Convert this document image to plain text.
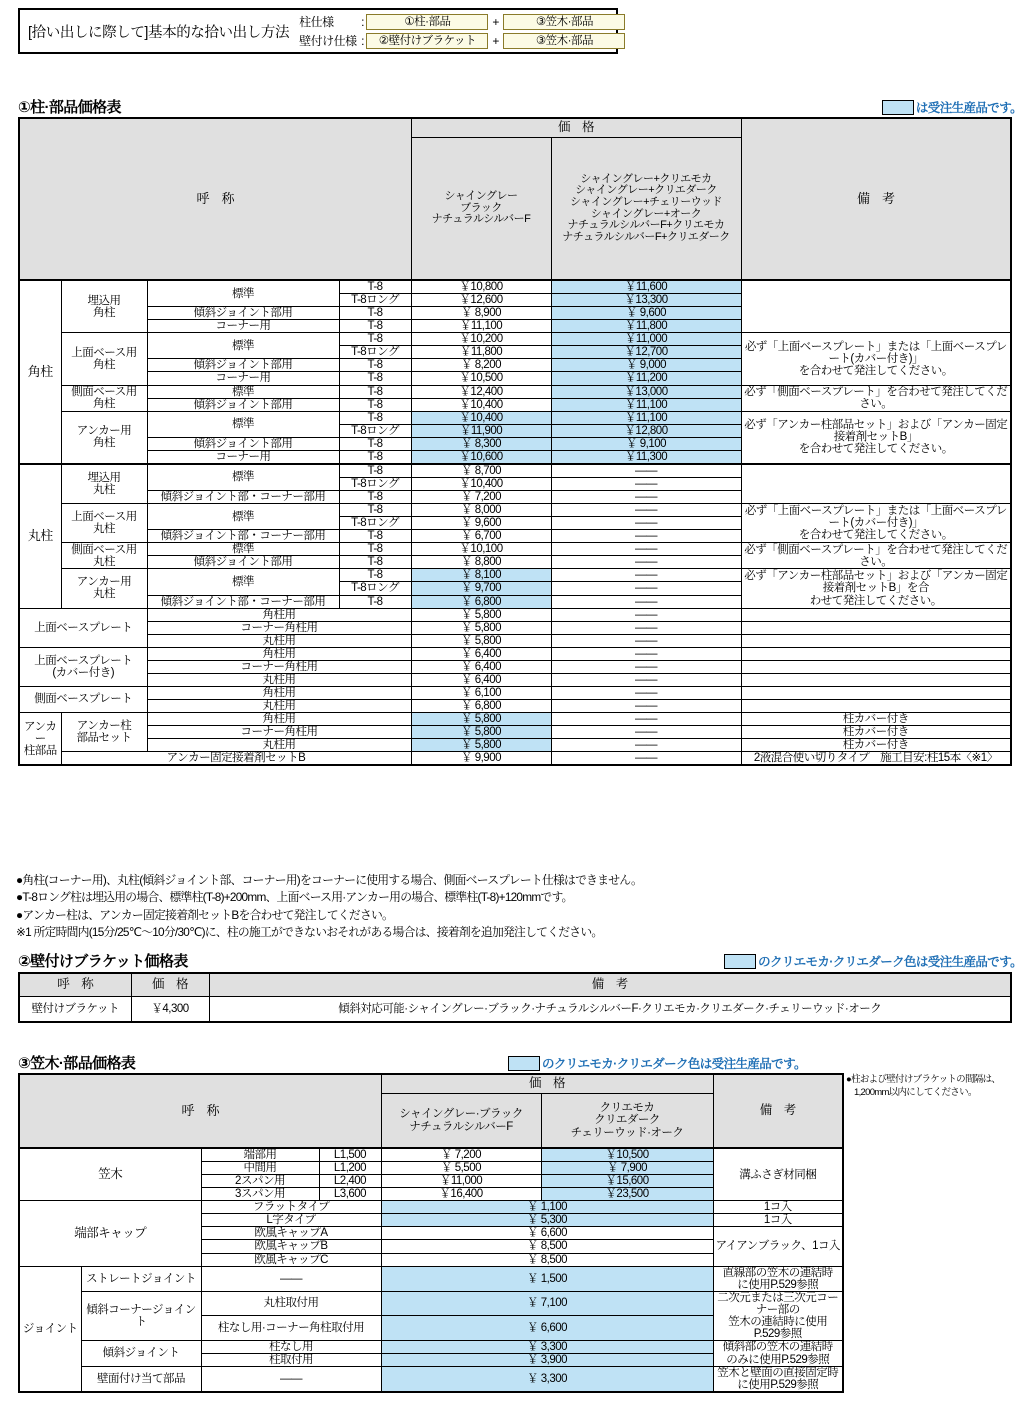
[拾い出しに際して]基本的な拾い出し方法
柱仕様	:	①柱·部品	+	③笠木·部品
壁付け仕様 :	②壁付けブラケット	+	③笠木·部品
①柱·部品価格表	は受注生産品です。
呼　称				価　格		備　考
シャイングレー
ブラック
ナチュラルシルバーF	シャイングレー+クリエモカ
シャイングレー+クリエダーク
シャイングレー+チェリーウッド
シャイングレー+オーク
ナチュラルシルバーF+クリエモカ
ナチュラルシルバーF+クリエダーク
角柱	埋込用
角柱	標準	T-8	￥10,800	￥11,600	
			T-8ロング	￥12,600	￥13,300	
		傾斜ジョイント部用	T-8	￥ 8,900	￥ 9,600	
		コーナー用	T-8	￥11,100	￥11,800	
	上面ベース用
角柱	標準	T-8	￥10,200	￥11,000	必ず「上面ベースプレート」または「上面ベースプレート(カバー付き)」
を合わせて発注してください。
			T-8ロング	￥11,800	￥12,700	
		傾斜ジョイント部用	T-8	￥ 8,200	￥ 9,000	
		コーナー用	T-8	￥10,500	￥11,200	
	側面ベース用
角柱	標準	T-8	￥12,400	￥13,000	必ず「側面ベースプレート」を合わせて発注してください。
		傾斜ジョイント部用	T-8	￥10,400	￥11,100	
	アンカー用
角柱	標準	T-8	￥10,400	￥11,100	必ず「アンカー柱部品セット」および「アンカー固定接着剤セットB」
を合わせて発注してください。
			T-8ロング	￥11,900	￥12,800	
		傾斜ジョイント部用	T-8	￥ 8,300	￥ 9,100	
		コーナー用	T-8	￥10,600	￥11,300	
丸柱	埋込用
丸柱	標準	T-8	￥ 8,700	——	
			T-8ロング	￥10,400	——	
		傾斜ジョイント部・コーナー部用	T-8	￥ 7,200	——	
	上面ベース用
丸柱	標準	T-8	￥ 8,000	——	必ず「上面ベースプレート」または「上面ベースプレート(カバー付き)」
を合わせて発注してください。
			T-8ロング	￥ 9,600	——	
		傾斜ジョイント部・コーナー部用	T-8	￥ 6,700	——	
	側面ベース用
丸柱	標準	T-8	￥10,100	——	必ず「側面ベースプレート」を合わせて発注してください。
		傾斜ジョイント部用	T-8	￥ 8,800	——	
	アンカー用
丸柱	標準	T-8	￥ 8,100	——	必ず「アンカー柱部品セット」および「アンカー固定接着剤セットB」を合
わせて発注してください。
			T-8ロング	￥ 9,700	——	
		傾斜ジョイント部・コーナー部用	T-8	￥ 6,800	——	
上面ベースプレート		角柱用		￥ 5,800	——	
		コーナー角柱用		￥ 5,800	——	
		丸柱用		￥ 5,800	——	
上面ベースプレート
(カバー付き)		角柱用		￥ 6,400	——	
		コーナー角柱用		￥ 6,400	——	
		丸柱用		￥ 6,400	——	
側面ベースプレート		角柱用		￥ 6,100	——	
		丸柱用		￥ 6,800	——	
アンカー
柱部品	アンカー柱
部品セット	角柱用		￥ 5,800	——	柱カバー付き
		コーナー角柱用		￥ 5,800	——	柱カバー付き
		丸柱用		￥ 5,800	——	柱カバー付き
	アンカー固定接着剤セットB			￥ 9,900	——	2液混合使い切りタイプ　施工目安:柱15本〈※1〉
●角柱(コーナー用)、丸柱(傾斜ジョイント部、コーナー用)をコーナーに使用する場合、側面ベースプレート仕様はできません。
●T-8ロング柱は埋込用の場合、標準柱(T-8)+200mm、上面ベース用·アンカー用の場合、標準柱(T-8)+120mmです。
●アンカー柱は、アンカー固定接着剤セットBを合わせて発注してください。
※1 所定時間内(15分/25℃～10分/30℃)に、柱の施工ができないおそれがある場合は、接着剤を追加発注してください。
②壁付けブラケット価格表	のクリエモカ·クリエダーク色は受注生産品です。
呼　称	価　格	備　考
壁付けブラケット	￥4,300	傾斜対応可能·シャイングレー·ブラック·ナチュラルシルバーF·クリエモカ·クリエダーク·チェリーウッド·オーク
③笠木·部品価格表	のクリエモカ·クリエダーク色は受注生産品です。
●柱および壁付けブラケットの間隔は、
1,200mm以内にしてください。
呼　称				価　格		備　考
				シャイングレー·ブラック
ナチュラルシルバーF	クリエモカ
クリエダーク
チェリーウッド·オーク	
笠木		端部用	L1,500	￥ 7,200	￥10,500	溝ふさぎ材同梱
		中間用	L1,200	￥ 5,500	￥ 7,900	
		2スパン用	L2,400	￥11,000	￥15,600	
		3スパン用	L3,600	￥16,400	￥23,500	
端部キャップ		フラットタイプ		￥ 1,100		1コ入
		L字タイプ		￥ 5,300		1コ入
		欧風キャップA		￥ 6,600		アイアンブラック、1コ入
		欧風キャップB		￥ 8,500		
		欧風キャップC		￥ 8,500		
ジョイント	ストレートジョイント	——		￥ 1,500		直線部の笠木の連結時
に使用P.529参照
	傾斜コーナージョイント	丸柱取付用		￥ 7,100		二次元または三次元コーナー部の
笠木の連結時に使用P.529参照
		柱なし用·コーナー角柱取付用		￥ 6,600		
	傾斜ジョイント	柱なし用		￥ 3,300		傾斜部の笠木の連結時
のみに使用P.529参照
		柱取付用		￥ 3,900		
	壁面付け当て部品	——		￥ 3,300		笠木と壁面の直接固定時
に使用P.529参照
